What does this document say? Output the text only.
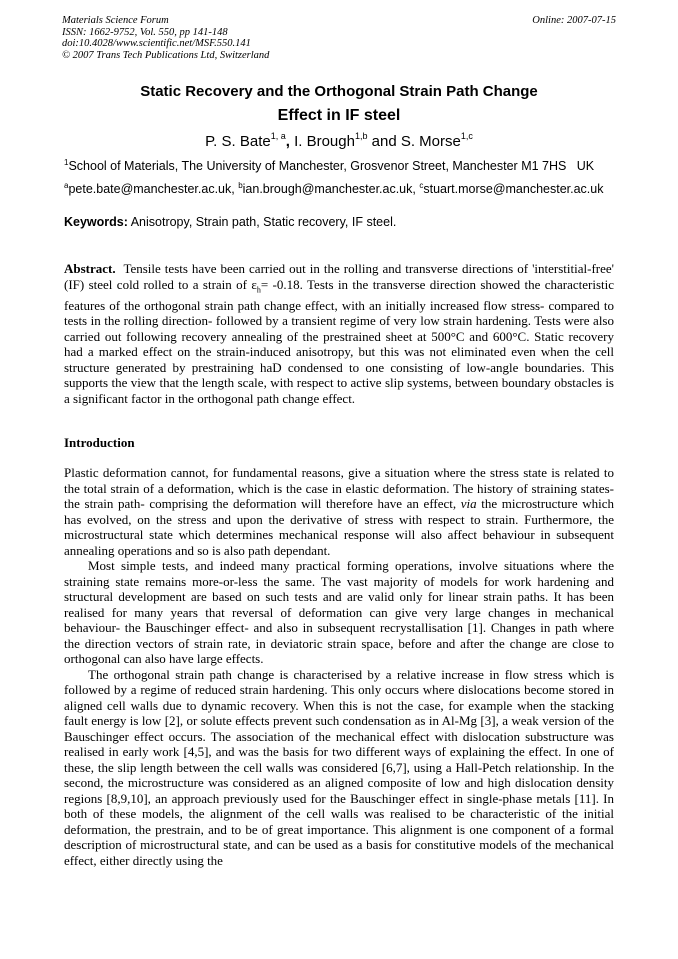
Materials Science Forum
ISSN: 1662-9752, Vol. 550, pp 141-148
doi:10.4028/www.scientific.net/MSF.550.141
© 2007 Trans Tech Publications Ltd, Switzerland
Online: 2007-07-15
Static Recovery and the Orthogonal Strain Path Change
Effect in IF steel
P. S. Bate$^{1, a}$, I. Brough$^{1,b}$ and S. Morse$^{1,c}$
$^1$School of Materials, The University of Manchester, Grosvenor Street, Manchester M1 7HS   UK
$^a$pete.bate@manchester.ac.uk, $^b$ian.brough@manchester.ac.uk, $^c$stuart.morse@manchester.ac.uk
Keywords: Anisotropy, Strain path, Static recovery, IF steel.
Abstract. Tensile tests have been carried out in the rolling and transverse directions of 'interstitial-free' (IF) steel cold rolled to a strain of $\varepsilon_h= -0.18$. Tests in the transverse direction showed the characteristic features of the orthogonal strain path change effect, with an initially increased flow stress- compared to tests in the rolling direction- followed by a transient regime of very low strain hardening. Tests were also carried out following recovery annealing of the prestrained sheet at 500°C and 600°C. Static recovery had a marked effect on the strain-induced anisotropy, but this was not eliminated even when the cell structure generated by prestraining haD condensed to one consisting of low-angle boundaries. This supports the view that the length scale, with respect to active slip systems, between boundary obstacles is a significant factor in the orthogonal path change effect.
Introduction

Plastic deformation cannot, for fundamental reasons, give a situation where the stress state is related to the total strain of a deformation, which is the case in elastic deformation. The history of straining states- the strain path- comprising the deformation will therefore have an effect, via the microstructure which has evolved, on the stress and upon the derivative of stress with respect to strain. Furthermore, the microstructural state which determines mechanical response will also affect behaviour in subsequent annealing operations and so is also path dependant.

Most simple tests, and indeed many practical forming operations, involve situations where the straining state remains more-or-less the same. The vast majority of models for work hardening and structural development are based on such tests and are valid only for linear strain paths. It has been realised for many years that reversal of deformation can give very large changes in mechanical behaviour- the Bauschinger effect- and also in subsequent recrystallisation [1]. Changes in path where the direction vectors of strain rate, in deviatoric strain space, before and after the change are close to orthogonal can also have large effects.

The orthogonal strain path change is characterised by a relative increase in flow stress which is followed by a regime of reduced strain hardening. This only occurs where dislocations become stored in aligned cell walls due to dynamic recovery. When this is not the case, for example when the stacking fault energy is low [2], or solute effects prevent such condensation as in Al-Mg [3], a weak version of the Bauschinger effect occurs. The association of the mechanical effect with dislocation substructure was realised in early work [4,5], and was the basis for two different ways of explaining the effect. In one of these, the slip length between the cell walls was considered [6,7], using a Hall-Petch relationship. In the second, the microstructure was considered as an aligned composite of low and high dislocation density regions [8,9,10], an approach previously used for the Bauschinger effect in single-phase metals [11]. In both of these models, the alignment of the cell walls was realised to be characteristic of the initial deformation, the prestrain, and to be of great importance. This alignment is one component of a formal description of microstructural state, and can be used as a basis for constitutive models of the mechanical effect, either directly using the
